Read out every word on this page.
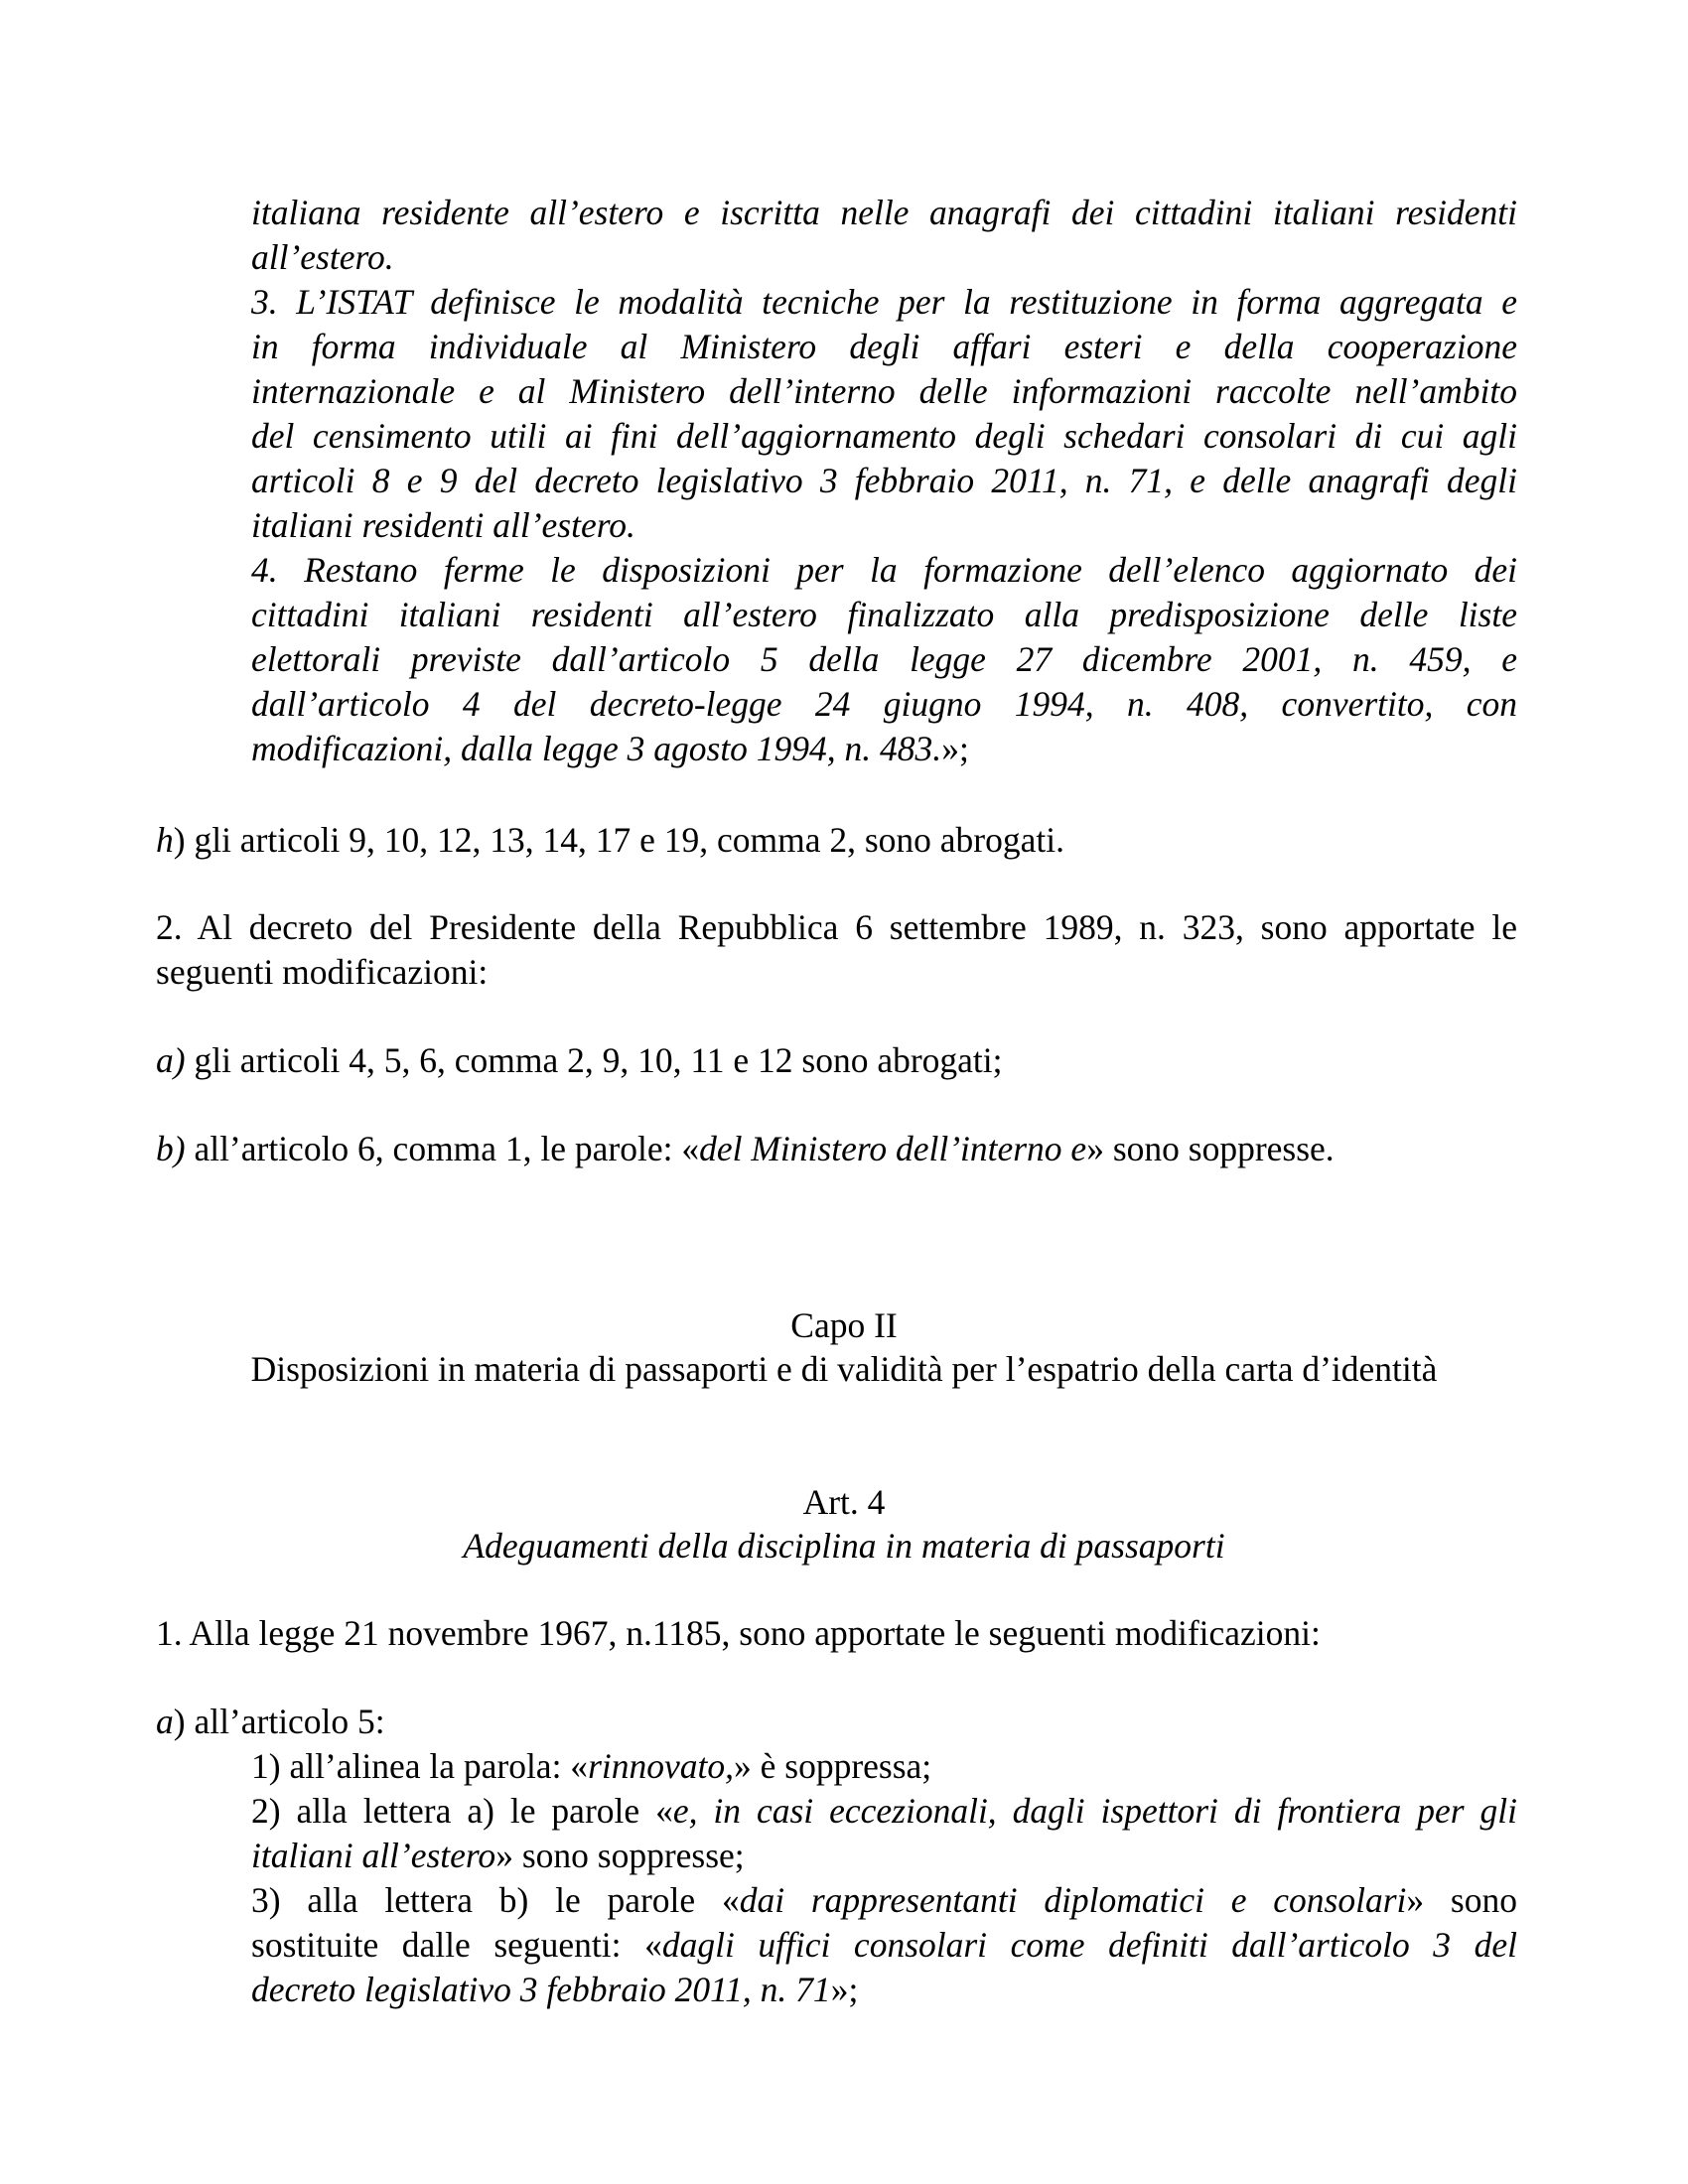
italiana residente all’estero e iscritta nelle anagrafi dei cittadini italiani residenti
all’estero.
3. L’ISTAT definisce le modalità tecniche per la restituzione in forma aggregata e
in forma individuale al Ministero degli affari esteri e della cooperazione
internazionale e al Ministero dell’interno delle informazioni raccolte nell’ambito
del censimento utili ai fini dell’aggiornamento degli schedari consolari di cui agli
articoli 8 e 9 del decreto legislativo 3 febbraio 2011, n. 71, e delle anagrafi degli
italiani residenti all’estero.
4. Restano ferme le disposizioni per la formazione dell’elenco aggiornato dei
cittadini italiani residenti all’estero finalizzato alla predisposizione delle liste
elettorali previste dall’articolo 5 della legge 27 dicembre 2001, n. 459, e
dall’articolo 4 del decreto-legge 24 giugno 1994, n. 408, convertito, con
modificazioni, dalla legge 3 agosto 1994, n. 483.»;
h) gli articoli 9, 10, 12, 13, 14, 17 e 19, comma 2, sono abrogati.
2. Al decreto del Presidente della Repubblica 6 settembre 1989, n. 323, sono apportate le
seguenti modificazioni:
a) gli articoli 4, 5, 6, comma 2, 9, 10, 11 e 12 sono abrogati;
b) all’articolo 6, comma 1, le parole: «del Ministero dell’interno e» sono soppresse.
Capo II
Disposizioni in materia di passaporti e di validità per l’espatrio della carta d’identità
Art. 4
Adeguamenti della disciplina in materia di passaporti
1. Alla legge 21 novembre 1967, n.1185, sono apportate le seguenti modificazioni:
a) all’articolo 5:
1) all’alinea la parola: «rinnovato,» è soppressa;
2) alla lettera a) le parole «e, in casi eccezionali, dagli ispettori di frontiera per gli
italiani all’estero» sono soppresse;
3) alla lettera b) le parole «dai rappresentanti diplomatici e consolari» sono
sostituite dalle seguenti: «dagli uffici consolari come definiti dall’articolo 3 del
decreto legislativo 3 febbraio 2011, n. 71»;
